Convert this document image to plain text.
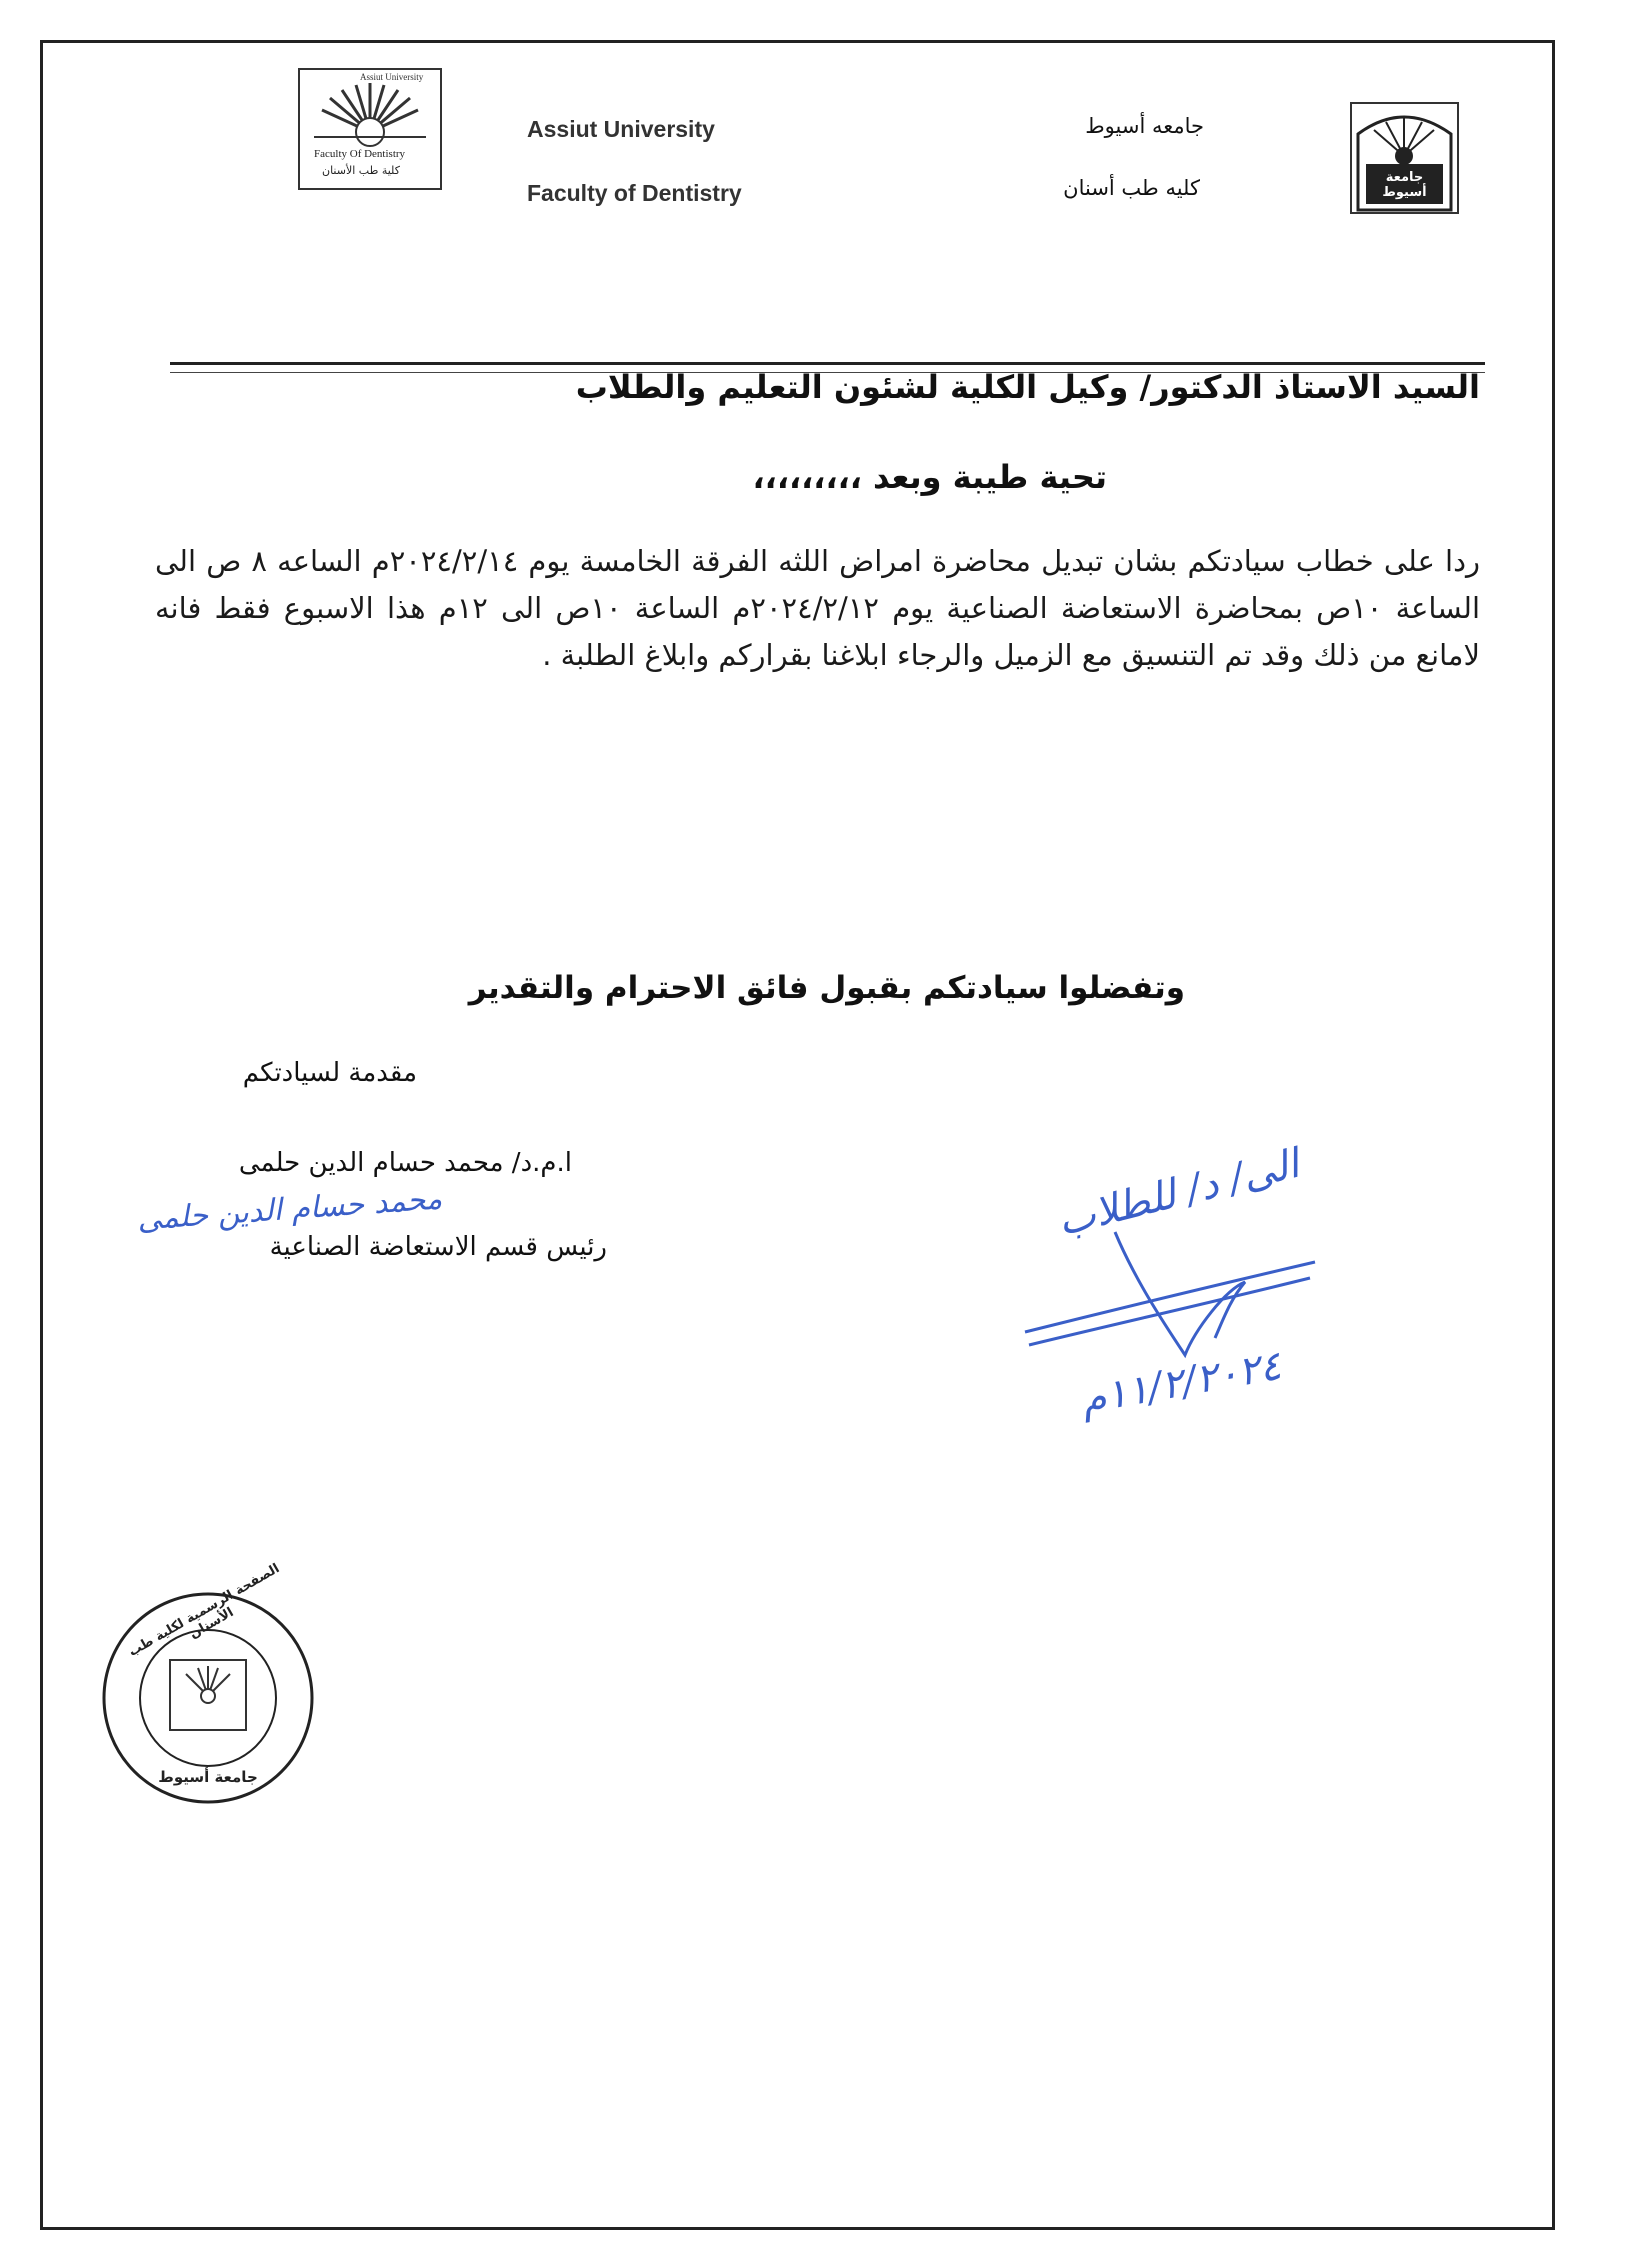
Assiut University
Faculty Of Dentistry
كلية طب الأسنان
Assiut University
Faculty of Dentistry
جامعه أسيوط
كليه طب أسنان	جامعة أسيوط
السيد الاستاذ الدكتور/ وكيل الكلية لشئون التعليم والطلاب
تحية طيبة وبعد ،،،،،،،،،
ردا على خطاب سيادتكم بشان تبديل محاضرة امراض اللثه الفرقة الخامسة يوم ٢٠٢٤/٢/١٤م الساعه ٨ ص الى الساعة ١٠ص بمحاضرة الاستعاضة الصناعية يوم ٢٠٢٤/٢/١٢م الساعة ١٠ص الى ١٢م هذا الاسبوع فقط فانه لامانع من ذلك وقد تم التنسيق مع الزميل والرجاء ابلاغنا بقراركم وابلاغ الطلبة .
وتفضلوا سيادتكم بقبول فائق الاحترام والتقدير
مقدمة لسيادتكم
ا.م.د/ محمد حسام الدين حلمى
رئيس قسم الاستعاضة الصناعية
محمد حسام الدين حلمى	الى/ د/ للطلاب
١١/٢/٢٠٢٤م
الصفحة الرسمية لكلية طب الأسنان
جامعة أسيوط
